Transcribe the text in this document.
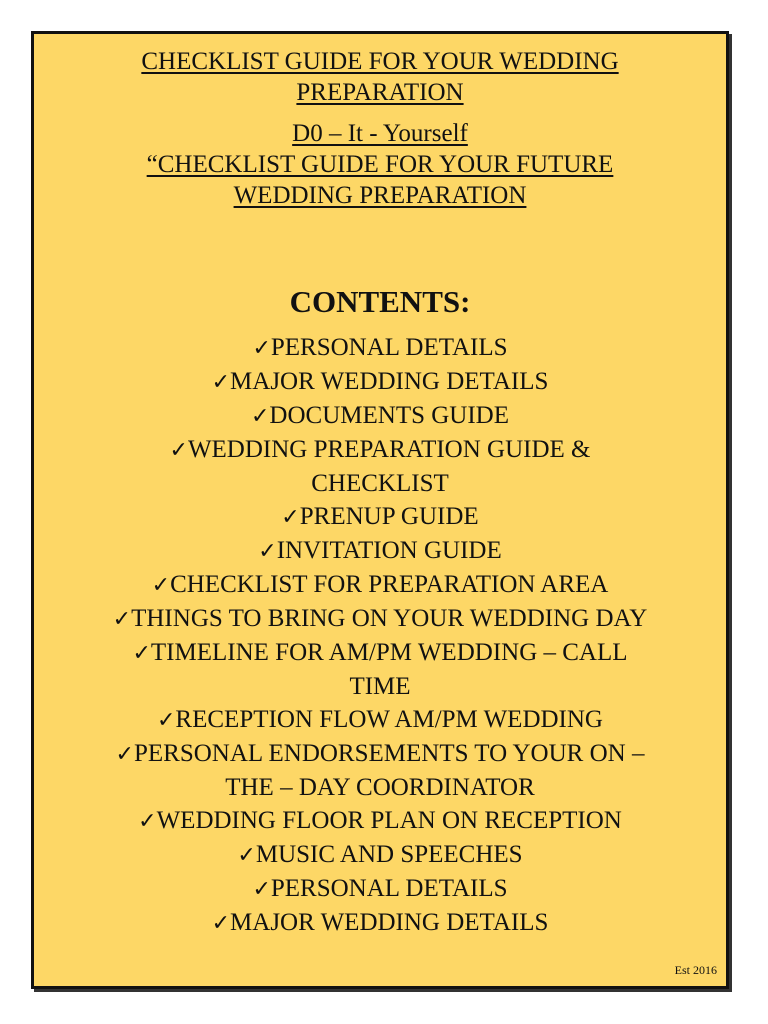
CHECKLIST GUIDE FOR YOUR WEDDING

PREPARATION

D0 – It - Yourself

“CHECKLIST GUIDE FOR YOUR FUTURE

WEDDING PREPARATION

CONTENTS:
✓PERSONAL DETAILS
✓MAJOR WEDDING DETAILS
✓DOCUMENTS GUIDE
✓WEDDING PREPARATION GUIDE &
CHECKLIST
✓PRENUP GUIDE
✓INVITATION GUIDE
✓CHECKLIST FOR PREPARATION AREA
✓THINGS TO BRING ON YOUR WEDDING DAY
✓TIMELINE FOR AM/PM WEDDING – CALL
TIME
✓RECEPTION FLOW AM/PM WEDDING
✓PERSONAL ENDORSEMENTS TO YOUR ON –
THE – DAY COORDINATOR
✓WEDDING FLOOR PLAN ON RECEPTION
✓MUSIC AND SPEECHES
✓PERSONAL DETAILS
✓MAJOR WEDDING DETAILS
Est 2016
